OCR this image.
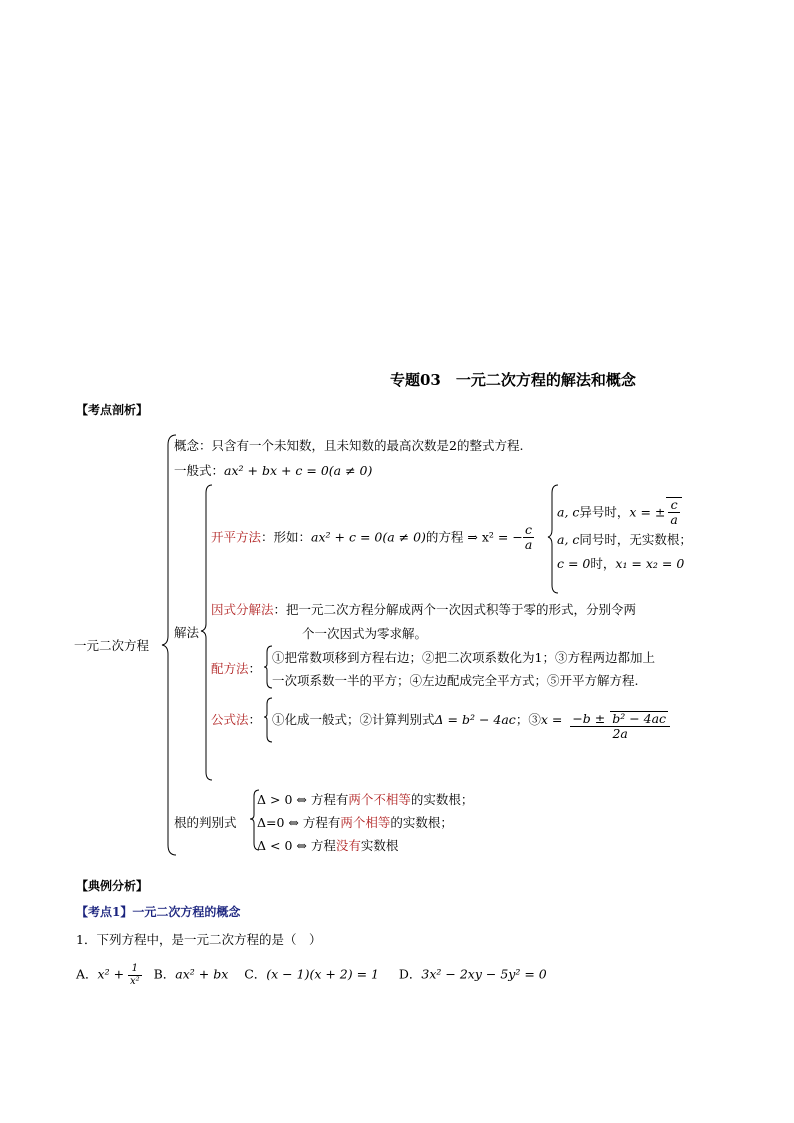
专题03　一元二次方程的解法和概念
【考点剖析】
一元二次方程
概念：只含有一个未知数，且未知数的最高次数是2的整式方程.
一般式：ax² + bx + c = 0(a ≠ 0)
解法
开平方法：形如：ax² + c = 0(a ≠ 0)的方程 ⇒ x² = − $\frac{c}{a}$
a, c异号时，x = ± $\frac{c}{a}$
a, c同号时，无实数根；
c = 0时，x₁ = x₂ = 0
因式分解法：把一元二次方程分解成两个一次因式积等于零的形式，分别令两
个一次因式为零求解。
配方法：
①把常数项移到方程右边；②把二次项系数化为1；③方程两边都加上
一次项系数一半的平方；④左边配成完全平方式；⑤开平方解方程.
公式法： ①化成一般式；②计算判别式Δ = b² − 4ac；③x = $\frac{\text{−b ± b² − 4ac}}{2a}$
根的判别式
Δ > 0 ⇔ 方程有两个不相等的实数根；
Δ=0 ⇔ 方程有两个相等的实数根；
Δ < 0 ⇔ 方程没有实数根
【典例分析】
【考点1】一元二次方程的概念
1．下列方程中，是一元二次方程的是（　）
A．$x^2 + \frac{1}{\text{x²}}$ B．ax² + bx C．(x − 1)(x + 2) = 1 D．3x² − 2xy − 5y² = 0
